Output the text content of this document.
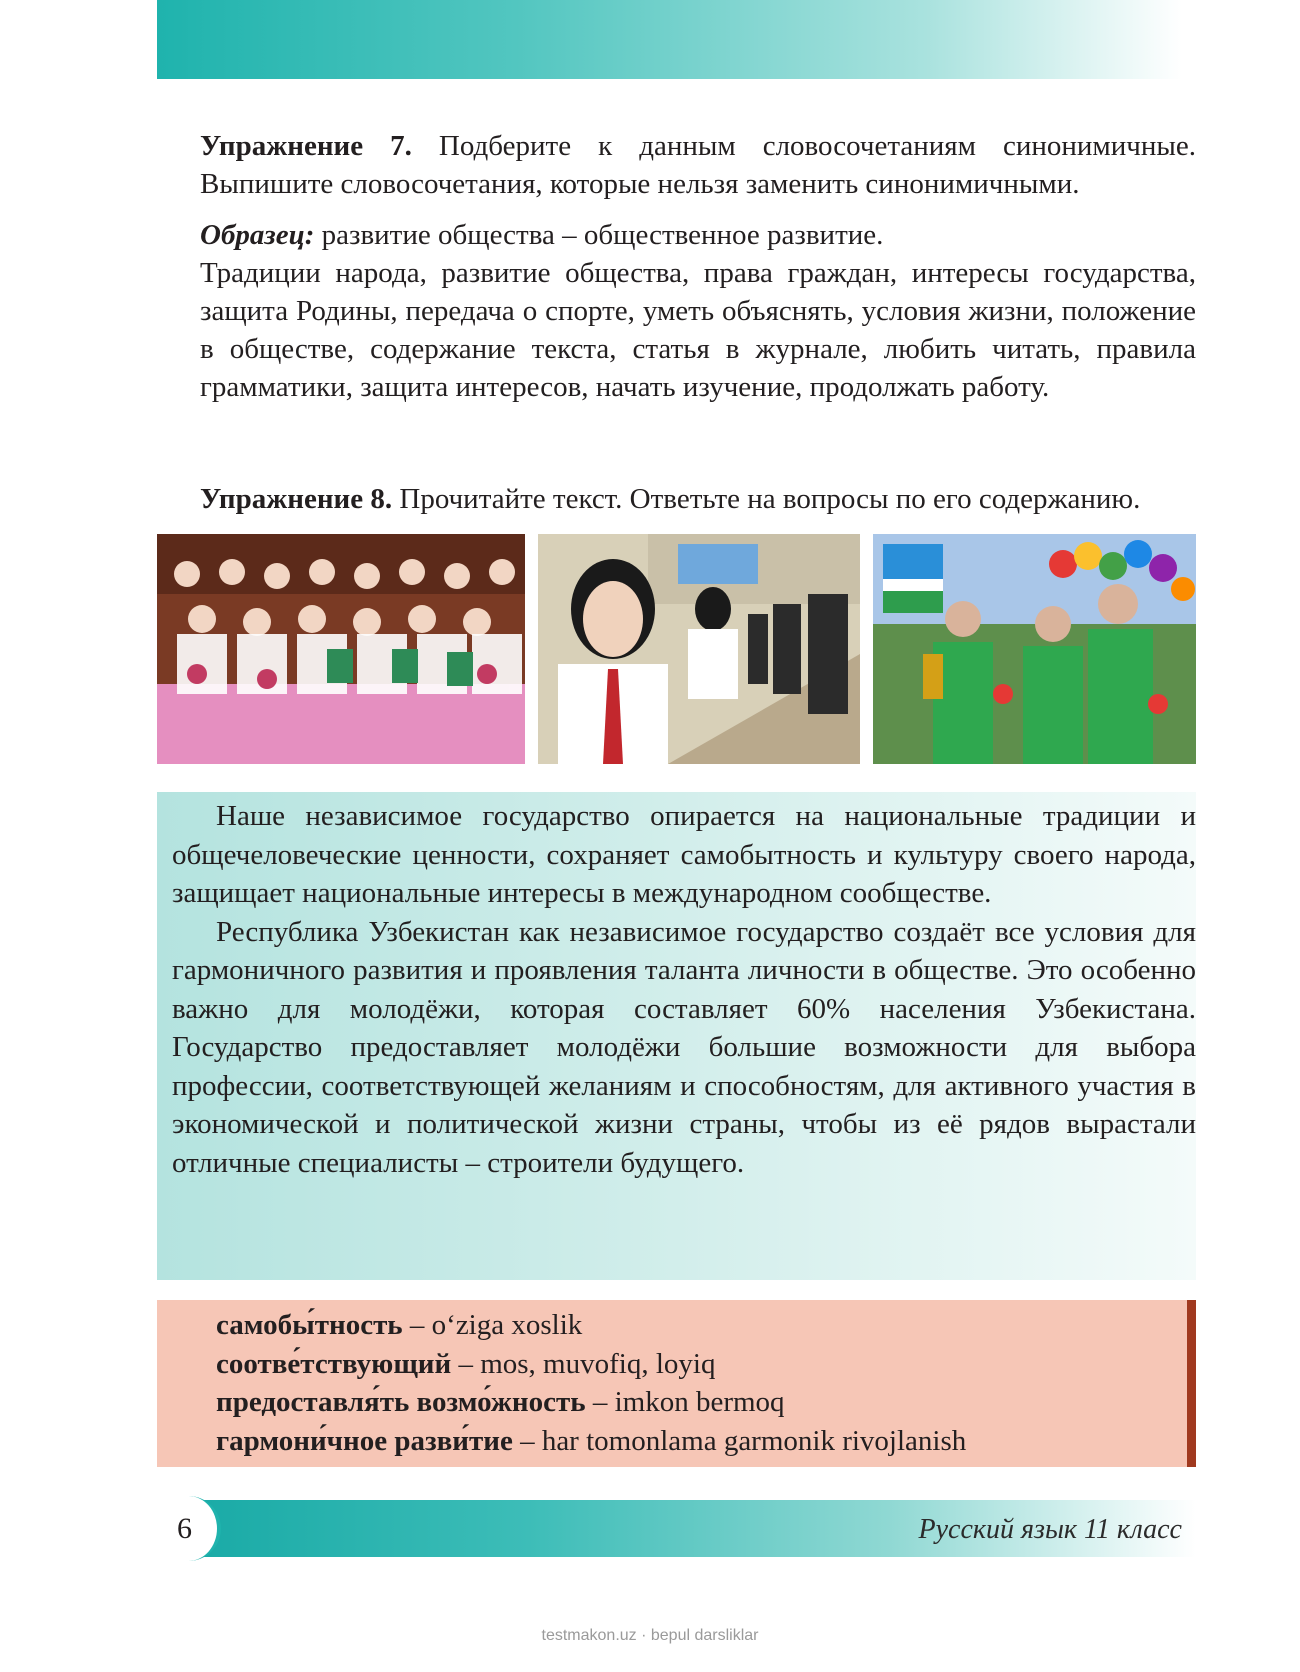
Упражнение 7. Подберите к данным словосочетаниям синонимичные. Выпишите словосочетания, которые нельзя заменить синонимичными.

Образец: развитие общества – общественное развитие.

Традиции народа, развитие общества, права граждан, интересы государства, защита Родины, передача о спорте, уметь объяснять, условия жизни, положение в обществе, содержание текста, статья в журнале, любить читать, правила грамматики, защита интересов, начать изучение, продолжать работу.

Упражнение 8. Прочитайте текст. Ответьте на вопросы по его содержанию.

Наше независимое государство опирается на национальные традиции и общечеловеческие ценности, сохраняет самобытность и культуру своего народа, защищает национальные интересы в международном сообществе.

Республика Узбекистан как независимое государство создаёт все условия для гармоничного развития и проявления таланта личности в обществе. Это особенно важно для молодёжи, которая составляет 60% населения Узбекистана. Государство предоставляет молодёжи большие возможности для выбора профессии, соответствующей желаниям и способностям, для активного участия в экономической и политической жизни страны, чтобы из её рядов вырастали отличные специалисты – строители будущего.

самобы́тность – oʻziga xoslik
соотве́тствующий – mos, muvofiq, loyiq
предоставля́ть возмо́жность – imkon bermoq
гармони́чное разви́тие – har tomonlama garmonik rivojlanish
6	Русский язык 11 класс
testmakon.uz · bepul darsliklar
